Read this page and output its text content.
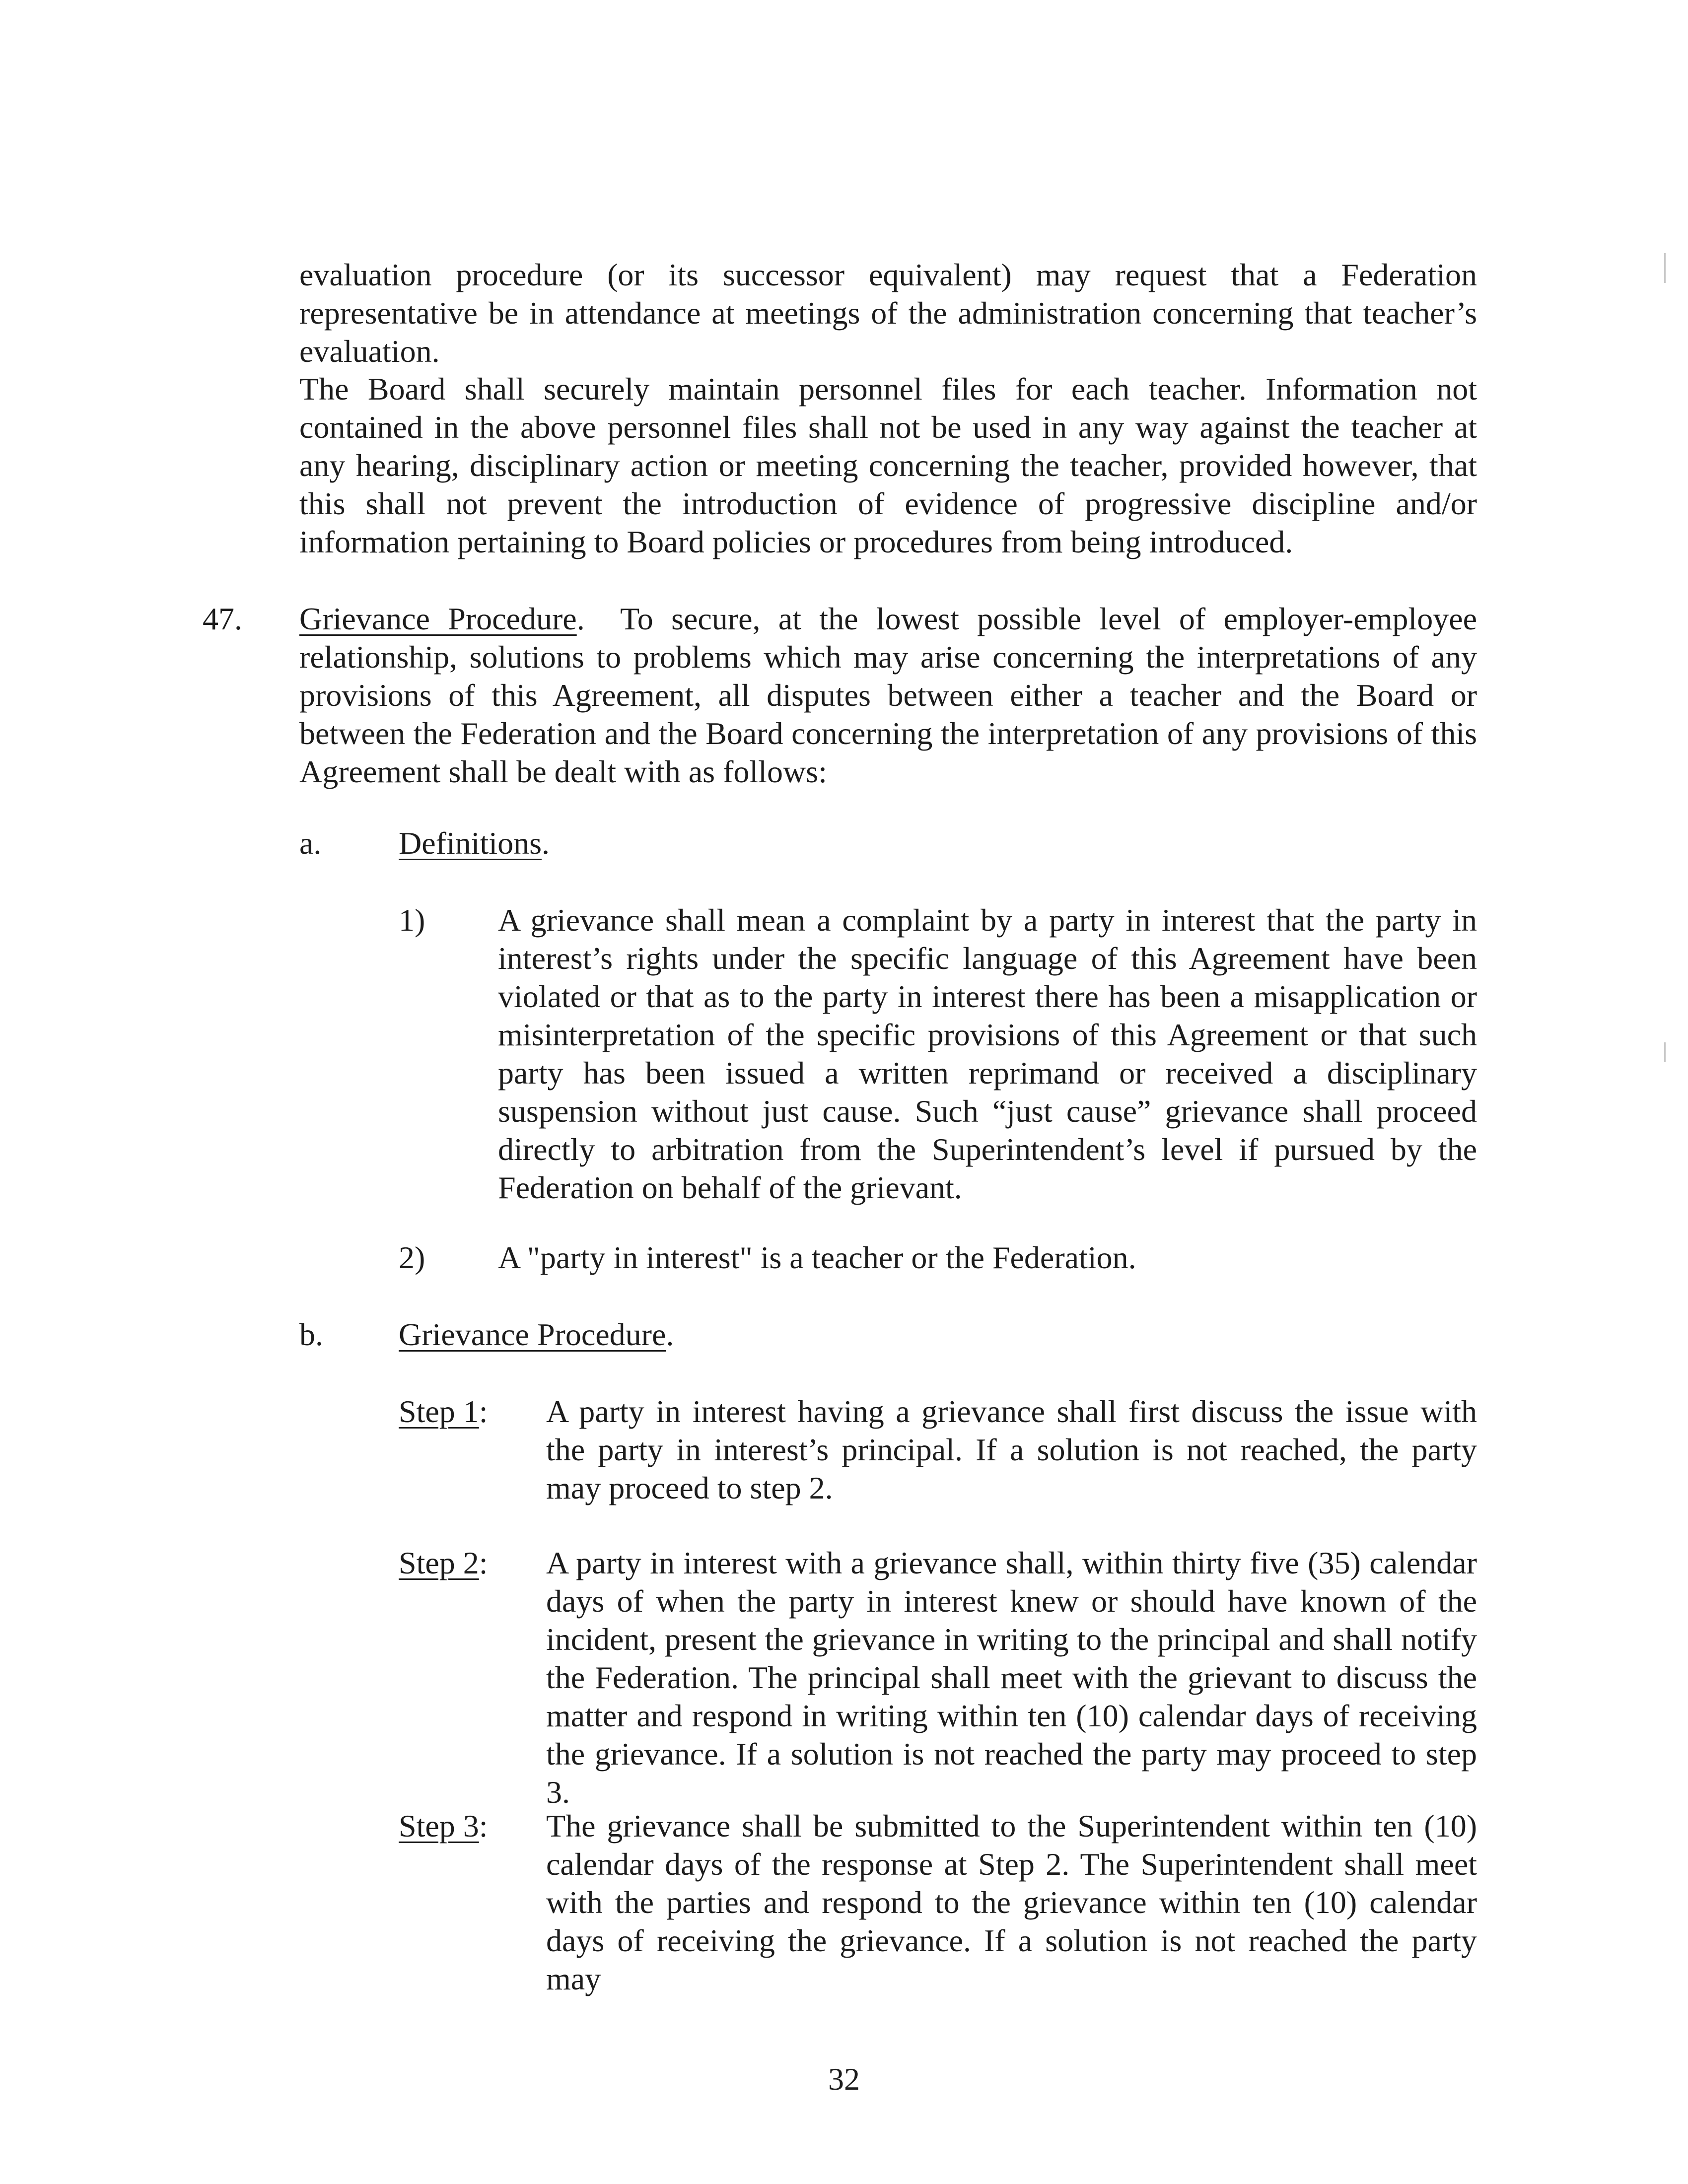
evaluation procedure (or its successor equivalent) may request that a Federation representative be in attendance at meetings of the administration concerning that teacher’s evaluation.
The Board shall securely maintain personnel files for each teacher. Information not contained in the above personnel files shall not be used in any way against the teacher at any hearing, disciplinary action or meeting concerning the teacher, provided however, that this shall not prevent the introduction of evidence of progressive discipline and/or information pertaining to Board policies or procedures from being introduced.
47. Grievance Procedure. To secure, at the lowest possible level of employer-employee relationship, solutions to problems which may arise concerning the interpretations of any provisions of this Agreement, all disputes between either a teacher and the Board or between the Federation and the Board concerning the interpretation of any provisions of this Agreement shall be dealt with as follows:
a. Definitions.
1) A grievance shall mean a complaint by a party in interest that the party in interest’s rights under the specific language of this Agreement have been violated or that as to the party in interest there has been a misapplication or misinterpretation of the specific provisions of this Agreement or that such party has been issued a written reprimand or received a disciplinary suspension without just cause. Such “just cause” grievance shall proceed directly to arbitration from the Superintendent’s level if pursued by the Federation on behalf of the grievant.
2) A "party in interest" is a teacher or the Federation.
b. Grievance Procedure.
Step 1: A party in interest having a grievance shall first discuss the issue with the party in interest’s principal. If a solution is not reached, the party may proceed to step 2.
Step 2: A party in interest with a grievance shall, within thirty five (35) calendar days of when the party in interest knew or should have known of the incident, present the grievance in writing to the principal and shall notify the Federation. The principal shall meet with the grievant to discuss the matter and respond in writing within ten (10) calendar days of receiving the grievance. If a solution is not reached the party may proceed to step 3.
Step 3: The grievance shall be submitted to the Superintendent within ten (10) calendar days of the response at Step 2. The Superintendent shall meet with the parties and respond to the grievance within ten (10) calendar days of receiving the grievance. If a solution is not reached the party may
32
